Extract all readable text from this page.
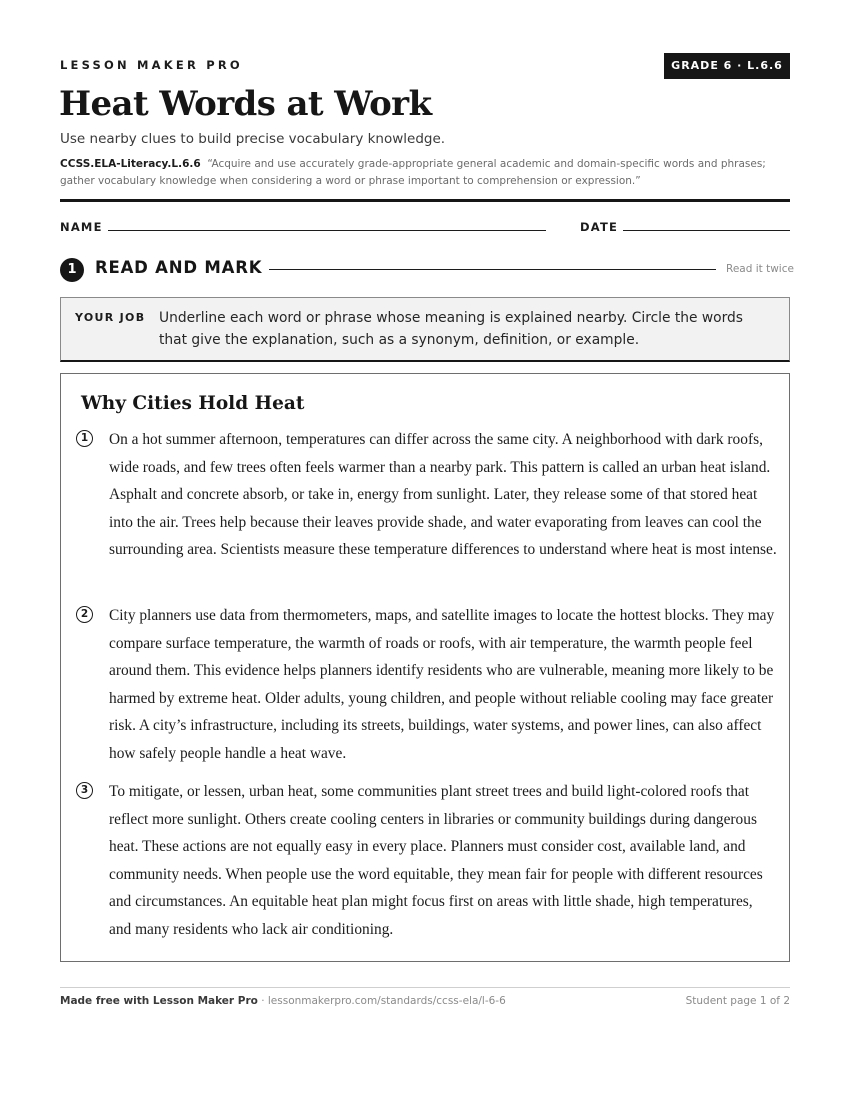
LESSON MAKER PRO	GRADE 6 · L.6.6
Heat Words at Work
Use nearby clues to build precise vocabulary knowledge.
CCSS.ELA-Literacy.L.6.6 “Acquire and use accurately grade-appropriate general academic and domain-specific words and phrases; gather vocabulary knowledge when considering a word or phrase important to comprehension or expression.”
NAME	DATE
1	READ AND MARK	Read it twice
YOUR JOB Underline each word or phrase whose meaning is explained nearby. Circle the words that give the explanation, such as a synonym, definition, or example.
Why Cities Hold Heat
1	On a hot summer afternoon, temperatures can differ across the same city. A neighborhood with dark roofs, wide roads, and few trees often feels warmer than a nearby park. This pattern is called an urban heat island. Asphalt and concrete absorb, or take in, energy from sunlight. Later, they release some of that stored heat into the air. Trees help because their leaves provide shade, and water evaporating from leaves can cool the surrounding area. Scientists measure these temperature differences to understand where heat is most intense.

2	City planners use data from thermometers, maps, and satellite images to locate the hottest blocks. They may compare surface temperature, the warmth of roads or roofs, with air temperature, the warmth people feel around them. This evidence helps planners identify residents who are vulnerable, meaning more likely to be harmed by extreme heat. Older adults, young children, and people without reliable cooling may face greater risk. A city’s infrastructure, including its streets, buildings, water systems, and power lines, can also affect how safely people handle a heat wave.

3	To mitigate, or lessen, urban heat, some communities plant street trees and build light-colored roofs that reflect more sunlight. Others create cooling centers in libraries or community buildings during dangerous heat. These actions are not equally easy in every place. Planners must consider cost, available land, and community needs. When people use the word equitable, they mean fair for people with different resources and circumstances. An equitable heat plan might focus first on areas with little shade, high temperatures, and many residents who lack air conditioning.

Made free with Lesson Maker Pro · lessonmakerpro.com/standards/ccss-ela/l-6-6	Student page 1 of 2
